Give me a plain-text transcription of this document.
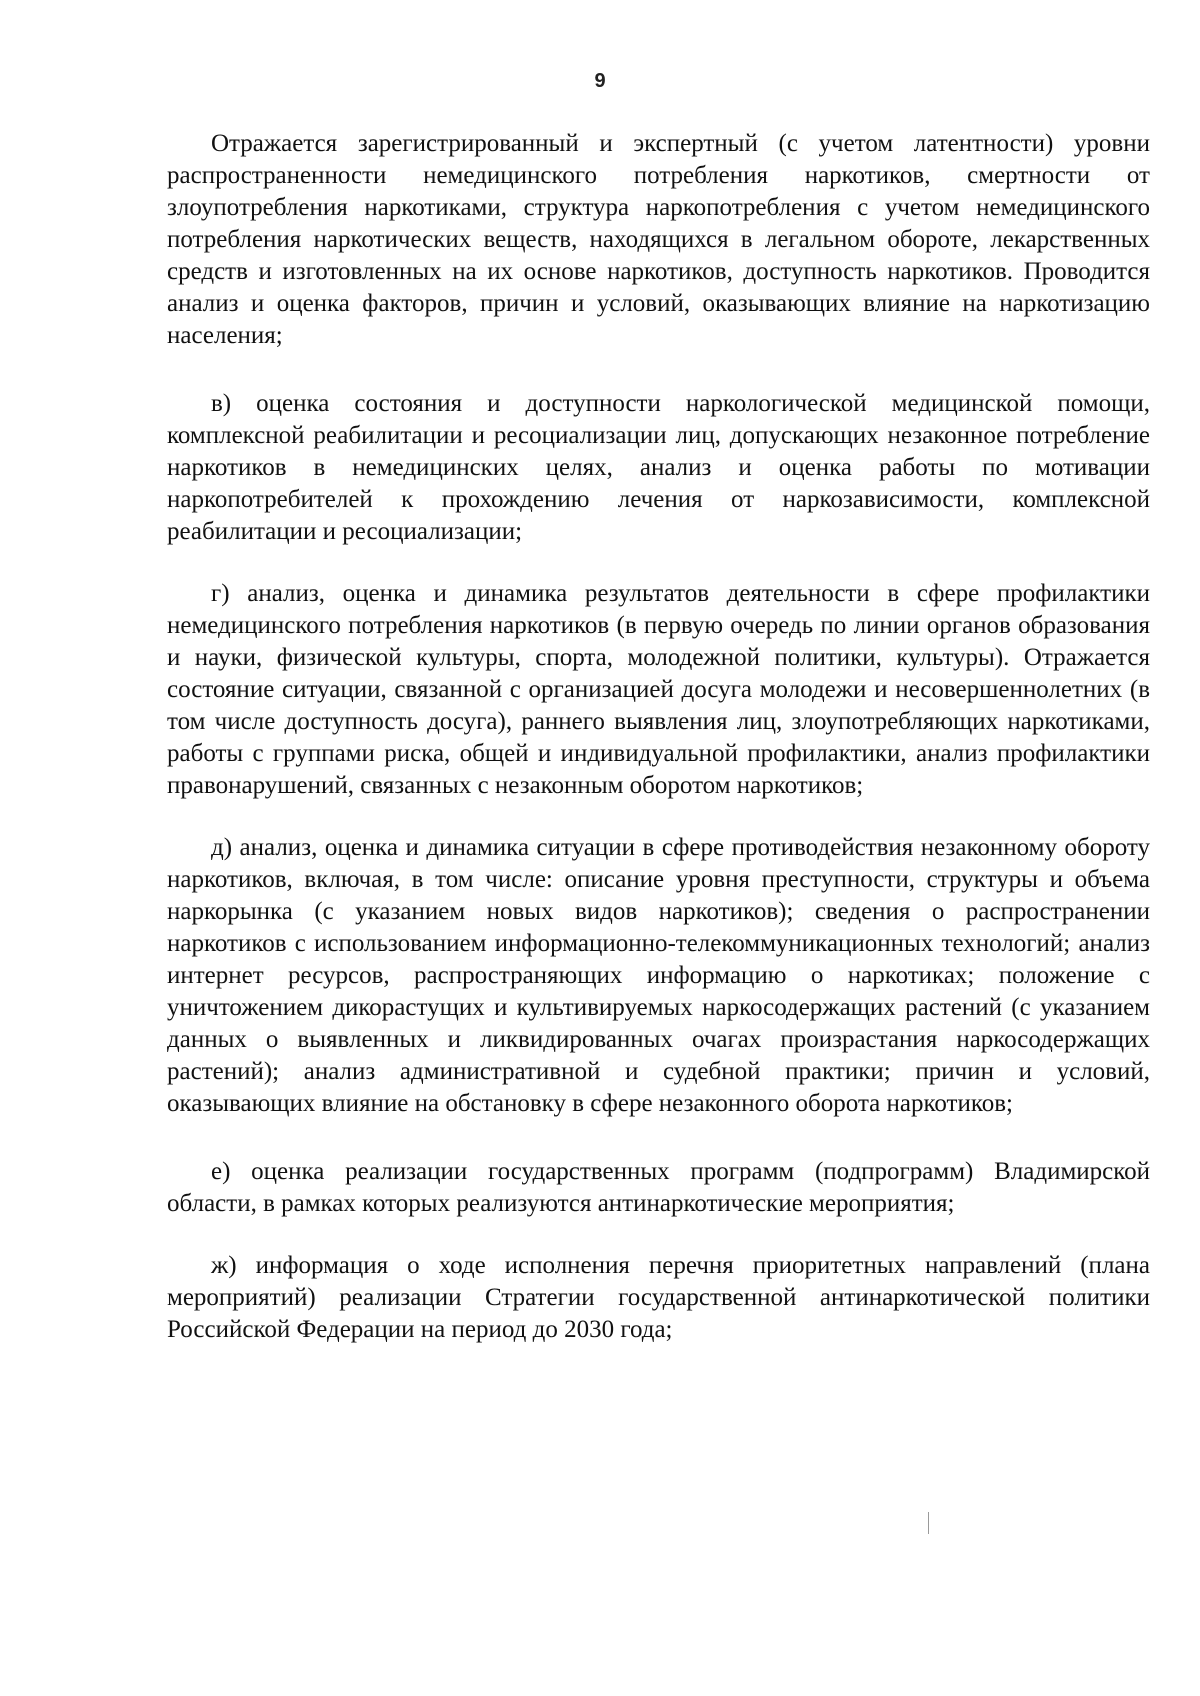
9

Отражается зарегистрированный и экспертный (с учетом латентности) уровни распространенности немедицинского потребления наркотиков, смертности от злоупотребления наркотиками, структура наркопотребления с учетом немедицинского потребления наркотических веществ, находящихся в легальном обороте, лекарственных средств и изготовленных на их основе наркотиков, доступность наркотиков. Проводится анализ и оценка факторов, причин и условий, оказывающих влияние на наркотизацию населения;

в) оценка состояния и доступности наркологической медицинской помощи, комплексной реабилитации и ресоциализации лиц, допускающих незаконное потребление наркотиков в немедицинских целях, анализ и оценка работы по мотивации наркопотребителей к прохождению лечения от наркозависимости, комплексной реабилитации и ресоциализации;

г) анализ, оценка и динамика результатов деятельности в сфере профилактики немедицинского потребления наркотиков (в первую очередь по линии органов образования и науки, физической культуры, спорта, молодежной политики, культуры). Отражается состояние ситуации, связанной с организацией досуга молодежи и несовершеннолетних (в том числе доступность досуга), раннего выявления лиц, злоупотребляющих наркотиками, работы с группами риска, общей и индивидуальной профилактики, анализ профилактики правонарушений, связанных с незаконным оборотом наркотиков;

д) анализ, оценка и динамика ситуации в сфере противодействия незаконному обороту наркотиков, включая, в том числе: описание уровня преступности, структуры и объема наркорынка (с указанием новых видов наркотиков); сведения о распространении наркотиков с использованием информационно-телекоммуникационных технологий; анализ интернет ресурсов, распространяющих информацию о наркотиках; положение с уничтожением дикорастущих и культивируемых наркосодержащих растений (с указанием данных о выявленных и ликвидированных очагах произрастания наркосодержащих растений); анализ административной и судебной практики; причин и условий, оказывающих влияние на обстановку в сфере незаконного оборота наркотиков;

е) оценка реализации государственных программ (подпрограмм) Владимирской области, в рамках которых реализуются антинаркотические мероприятия;

ж) информация о ходе исполнения перечня приоритетных направлений (плана мероприятий) реализации Стратегии государственной антинаркотической политики Российской Федерации на период до 2030 года;
